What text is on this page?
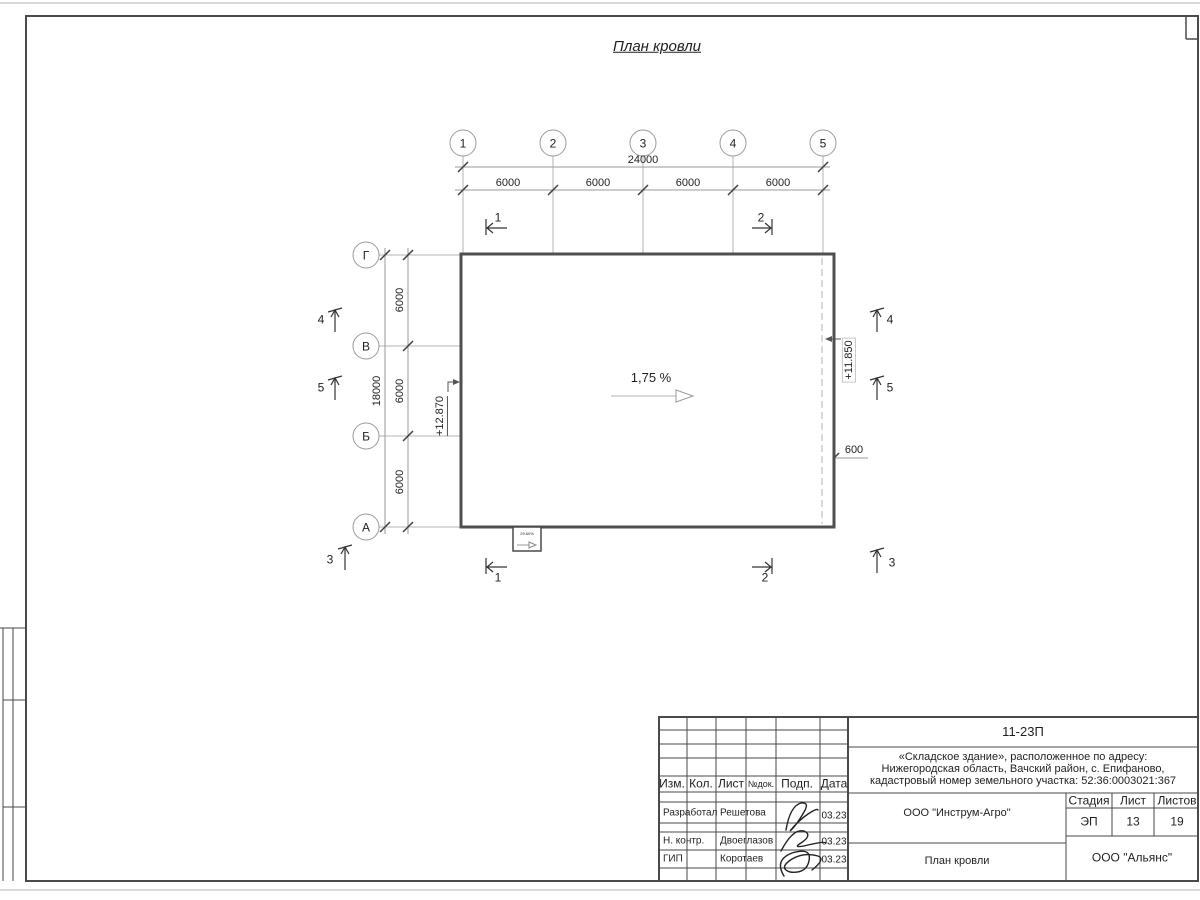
План кровли
1	2	3	4	5
Г
В
Б
А
24000
6000	6000	6000	6000
18000
6000
6000
6000
600
1,75 %
+12.870
+11.850
29.60%
1	2
1	2
3	3
4	4
5	5
11-23П
«Складское здание», расположенное по адресу:
Нижегородская область, Вачский район, с. Епифаново,
кадастровый номер земельного участка: 52:36:0003021:367
Изм. Кол. Лист №док. Подп. Дата
Разработал Решетова	03.23
Н. контр. Двоеглазов	03.23
ГИП	Коротаев	03.23
ООО "Инструм-Агро"
План кровли
Стадия Лист Листов
ЭП 13	19
ООО "Альянс"
